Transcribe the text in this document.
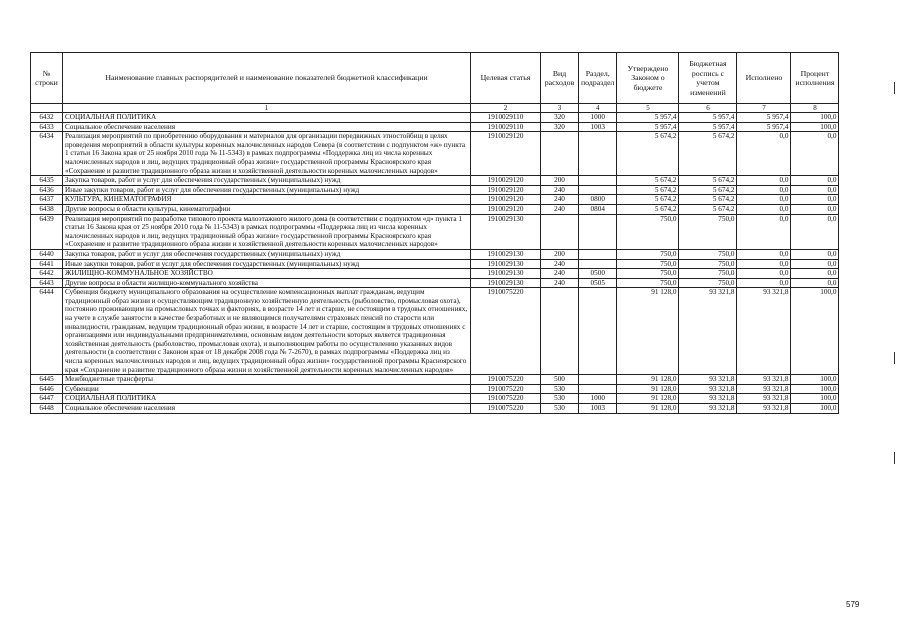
№ строки	Наименование главных распорядителей и наименование показателей бюджетной классификации	Целевая статья	Вид расходов	Раздел, подраздел	Утверждено Законом о бюджете	Бюджетная роспись с учетом изменений	Исполнено	Процент исполнения
	1	2	3	4	5	6	7	8
6432	СОЦИАЛЬНАЯ ПОЛИТИКА	1910029110	320	1000	5 957,4	5 957,4	5 957,4	100,0
6433	Социальное обеспечение населения	1910029110	320	1003	5 957,4	5 957,4	5 957,4	100,0
6434	Реализация мероприятий по приобретению оборудования и материалов для организации передвижных этностойбищ в целях проведения мероприятий в области культуры коренных малочисленных народов Севера (в соответствии с подпунктом «ж» пункта 1 статьи 16 Закона края от 25 ноября 2010 года № 11-5343) в рамках подпрограммы «Поддержка лиц из числа коренных малочисленных народов и лиц, ведущих традиционный образ жизни» государственной программы Красноярского края «Сохранение и развитие традиционного образа жизни и хозяйственной деятельности коренных малочисленных народов»	1910029120			5 674,2	5 674,2	0,0	0,0
6435	Закупка товаров, работ и услуг для обеспечения государственных (муниципальных) нужд	1910029120	200		5 674,2	5 674,2	0,0	0,0
6436	Иные закупки товаров, работ и услуг для обеспечения государственных (муниципальных) нужд	1910029120	240		5 674,2	5 674,2	0,0	0,0
6437	КУЛЬТУРА, КИНЕМАТОГРАФИЯ	1910029120	240	0800	5 674,2	5 674,2	0,0	0,0
6438	Другие вопросы в области культуры, кинематографии	1910029120	240	0804	5 674,2	5 674,2	0,0	0,0
6439	Реализация мероприятий по разработке типового проекта малоэтажного жилого дома (в соответствии с подпунктом «д» пункта 1 статьи 16 Закона края от 25 ноября 2010 года № 11-5343) в рамках подпрограммы «Поддержка лиц из числа коренных малочисленных народов и лиц, ведущих традиционный образ жизни» государственной программы Красноярского края «Сохранение и развитие традиционного образа жизни и хозяйственной деятельности коренных малочисленных народов»	1910029130			750,0	750,0	0,0	0,0
6440	Закупка товаров, работ и услуг для обеспечения государственных (муниципальных) нужд	1910029130	200		750,0	750,0	0,0	0,0
6441	Иные закупки товаров, работ и услуг для обеспечения государственных (муниципальных) нужд	1910029130	240		750,0	750,0	0,0	0,0
6442	ЖИЛИЩНО-КОММУНАЛЬНОЕ ХОЗЯЙСТВО	1910029130	240	0500	750,0	750,0	0,0	0,0
6443	Другие вопросы в области жилищно-коммунального хозяйства	1910029130	240	0505	750,0	750,0	0,0	0,0
6444	Субвенция бюджету муниципального образования на осуществление компенсационных выплат гражданам, ведущим традиционный образ жизни и осуществляющим традиционную хозяйственную деятельность (рыболовство, промысловая охота), постоянно проживающим на промысловых точках и факториях, в возрасте 14 лет и старше, не состоящим в трудовых отношениях, на учете в службе занятости в качестве безработных и не являющимся получателями страховых пенсий по старости или инвалидности, гражданам, ведущим традиционный образ жизни, в возрасте 14 лет и старше, состоящим в трудовых отношениях с организациями или индивидуальными предпринимателями, основным видом деятельности которых является традиционная хозяйственная деятельность (рыболовство, промысловая охота), и выполняющим работы по осуществлению указанных видов деятельности (в соответствии с Законом края от 18 декабря 2008 года № 7-2670), в рамках подпрограммы «Поддержка лиц из числа коренных малочисленных народов и лиц, ведущих традиционный образ жизни» государственной программы Красноярского края «Сохранение и развитие традиционного образа жизни и хозяйственной деятельности коренных малочисленных народов»	1910075220			91 128,0	93 321,8	93 321,8	100,0
6445	Межбюджетные трансферты	1910075220	500		91 128,0	93 321,8	93 321,8	100,0
6446	Субвенции	1910075220	530		91 128,0	93 321,8	93 321,8	100,0
6447	СОЦИАЛЬНАЯ ПОЛИТИКА	1910075220	530	1000	91 128,0	93 321,8	93 321,8	100,0
6448	Социальное обеспечение населения	1910075220	530	1003	91 128,0	93 321,8	93 321,8	100,0
579
